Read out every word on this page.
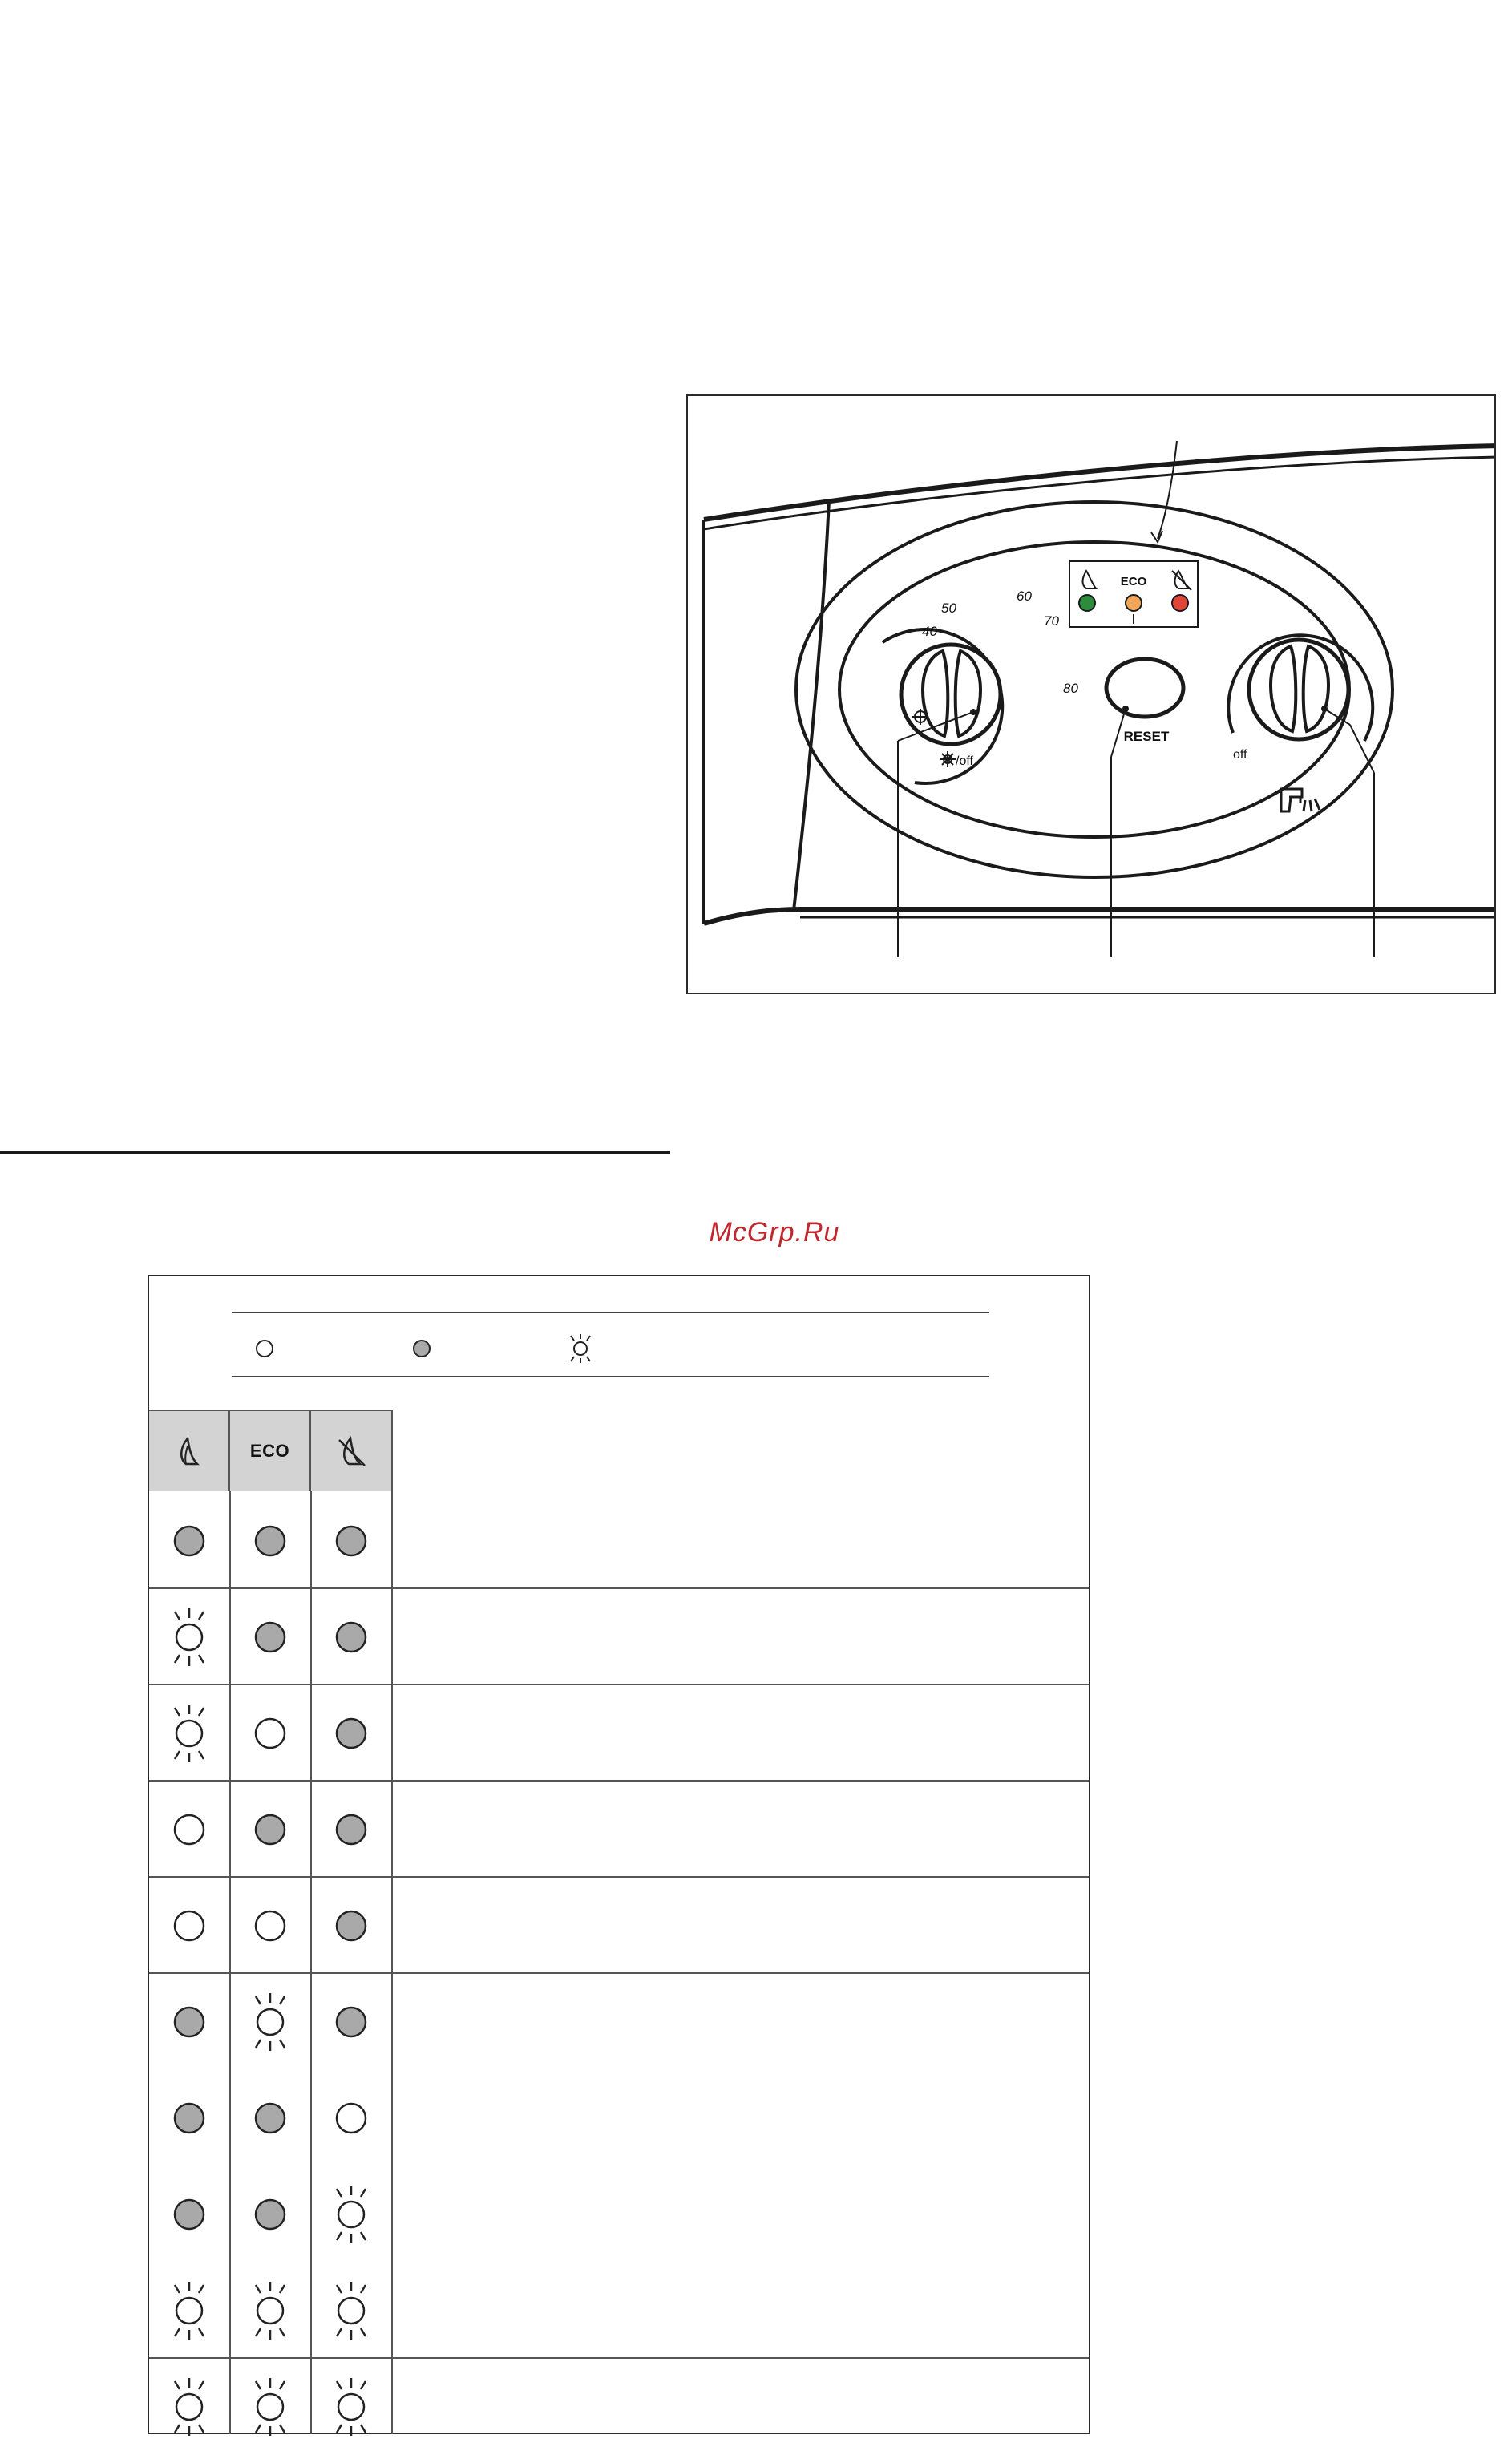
ECO
40
50
60
70
80
/off
RESET
off
McGrp.Ru
ECO
